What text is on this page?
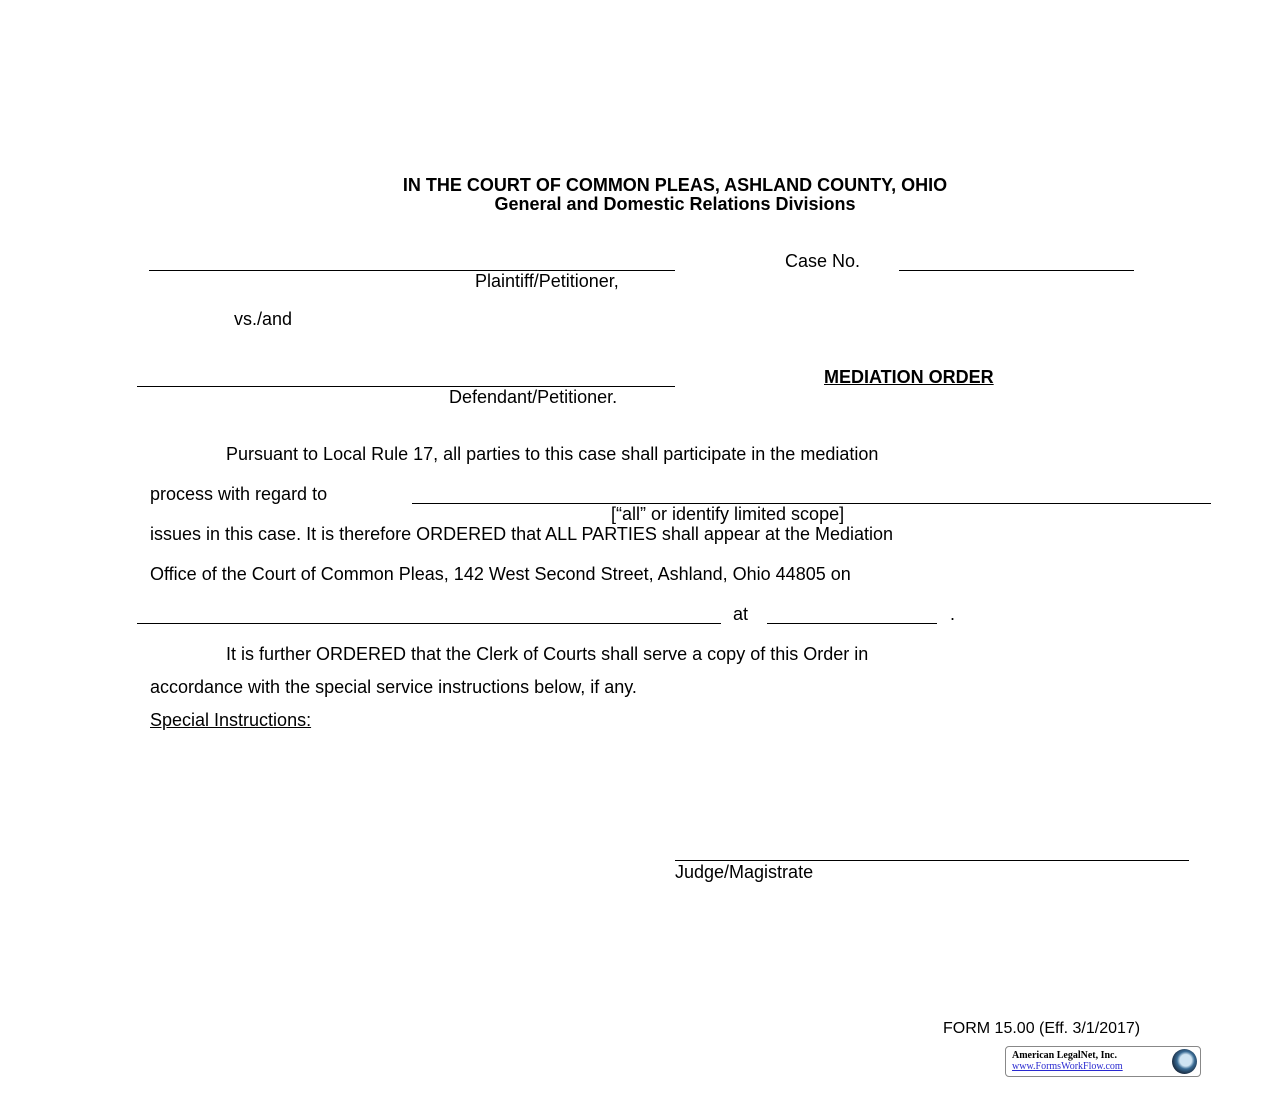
IN THE COURT OF COMMON PLEAS, ASHLAND COUNTY, OHIO
General and Domestic Relations Divisions
Plaintiff/Petitioner,
Case No.
vs./and
Defendant/Petitioner.
MEDIATION ORDER
Pursuant to Local Rule 17, all parties to this case shall participate in the mediation
process with regard to
[“all” or identify limited scope]
issues in this case. It is therefore ORDERED that ALL PARTIES shall appear at the Mediation
Office of the Court of Common Pleas, 142 West Second Street, Ashland, Ohio 44805 on
at	.
It is further ORDERED that the Clerk of Courts shall serve a copy of this Order in
accordance with the special service instructions below, if any.
Special Instructions:
Judge/Magistrate
FORM 15.00 (Eff. 3/1/2017)
American LegalNet, Inc.
www.FormsWorkFlow.com
